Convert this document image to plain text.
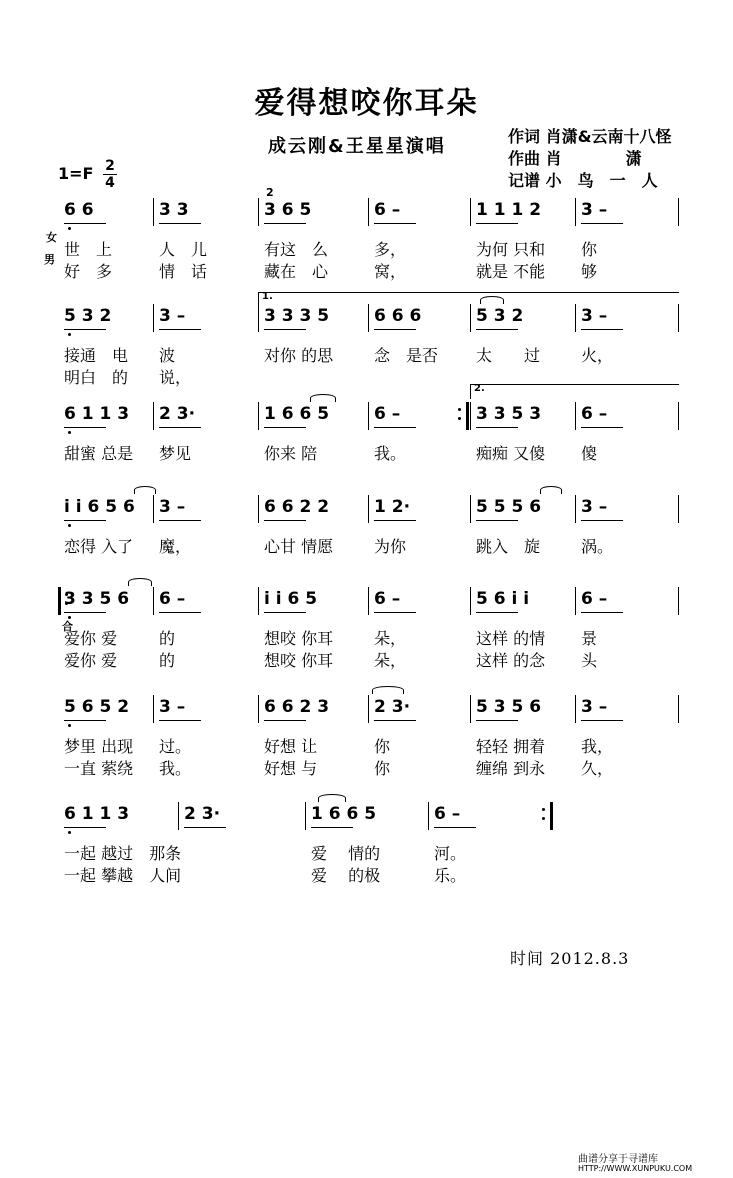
爱得想咬你耳朵
成云刚&王星星演唱	作词 肖潇&云南十八怪
作曲 肖　　　　潇
记谱 小　鸟　一　人
1=F 2
4
6 6
世　上
好　多
3 3
人　儿
情　话
3 6 5
有这　么
藏在　心
6 –
多，
窝，
1 1 1 2
为何 只和
就是 不能
3 –
你
够
5 3 2
接通　电
明白　的
3 –
波
说，
3 3 3 5
对你 的思
6 6 6
念　是否
5 3 2
太　　过
3 –
火，
6 1 1 3
甜蜜 总是
2 3·
梦见
1 6 6 5
你来 陪
6 –
我。
3 3 5 3
痴痴 又傻
6 –
傻
i i 6 5 6
恋得 入了
3 –
魔，
6 6 2 2
心甘 情愿
1 2·
为你
5 5 5 6
跳入　旋
3 –
涡。
3 3 5 6
爱你 爱
爱你 爱
6 –
的
的
i i 6 5
想咬 你耳
想咬 你耳
6 –
朵，
朵，
5 6 i i
这样 的情
这样 的念
6 –
景
头
5 6 5 2
梦里 出现
一直 萦绕
3 –
过。
我。
6 6 2 3
好想 让
好想 与
2 3·
你
你
5 3 5 6
轻轻 拥着
缠绵 到永
3 –
我，
久，
6 1 1 3
一起 越过　那条
一起 攀越　人间
2 3·	1 6 6 5
爱　 情的
爱　 的极
6 –
河。
乐。
女
男
合
2
1.
2.
时间 2012.8.3
曲谱分享于寻谱库
HTTP://WWW.XUNPUKU.COM
